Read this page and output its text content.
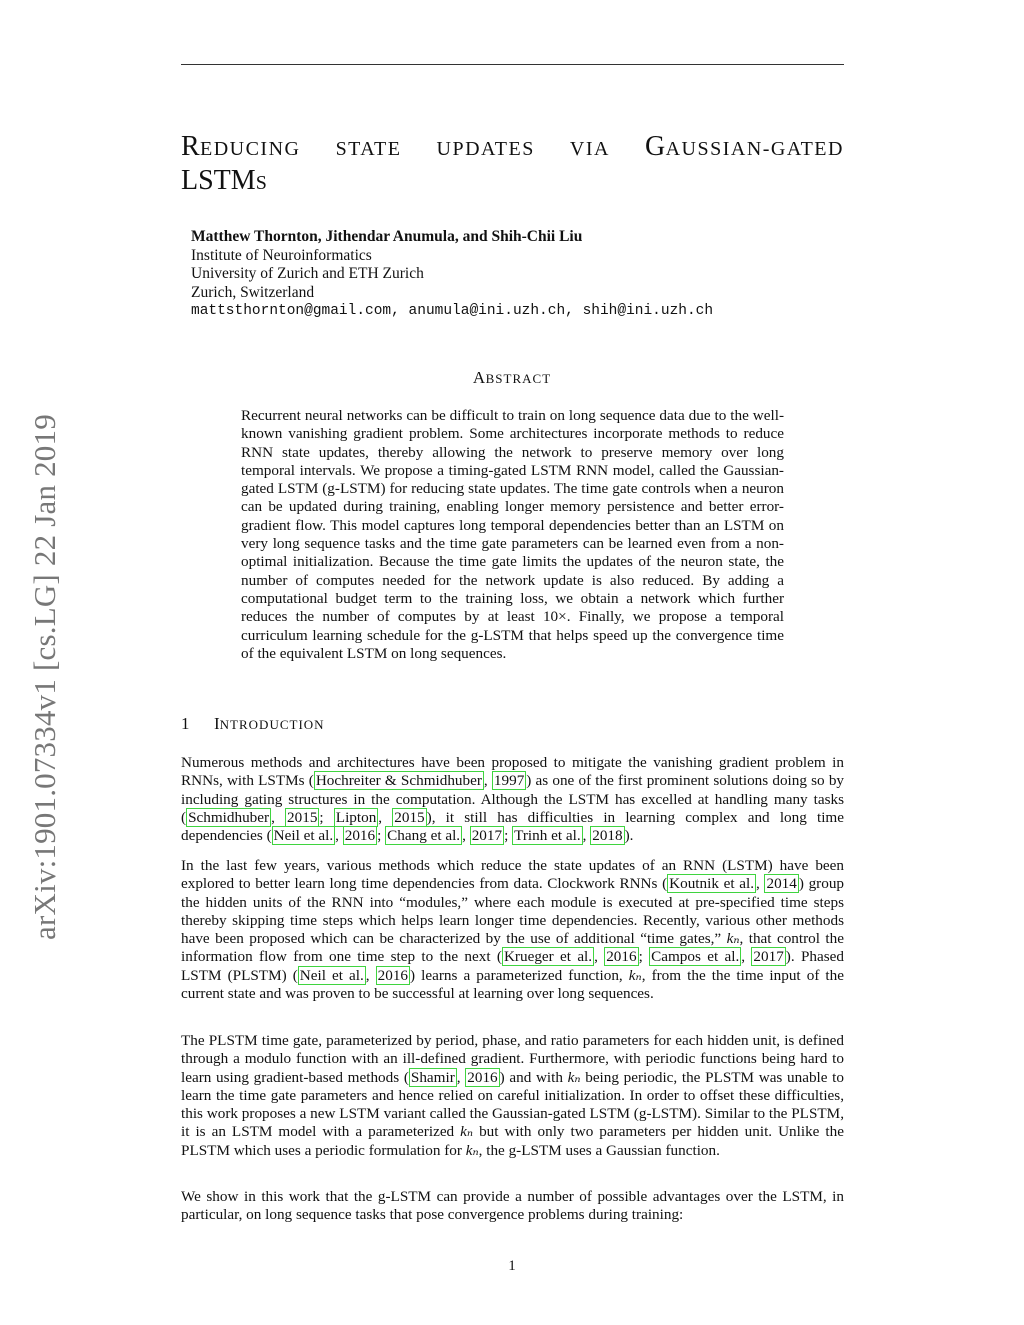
arXiv:1901.07334v1 [cs.LG] 22 Jan 2019
REDUCING STATE UPDATES VIA GAUSSIAN-GATED
LSTMS
Matthew Thornton, Jithendar Anumula, and Shih-Chii Liu
Institute of Neuroinformatics
University of Zurich and ETH Zurich
Zurich, Switzerland
mattsthornton@gmail.com, anumula@ini.uzh.ch, shih@ini.uzh.ch
ABSTRACT
Recurrent neural networks can be difficult to train on long sequence data due to the well-known vanishing gradient problem. Some architectures incorporate methods to reduce RNN state updates, thereby allowing the network to preserve memory over long temporal intervals. We propose a timing-gated LSTM RNN model, called the Gaussian-gated LSTM (g-LSTM) for reducing state updates. The time gate controls when a neuron can be updated during training, enabling longer memory persistence and better error-gradient flow. This model captures long temporal dependencies better than an LSTM on very long sequence tasks and the time gate parameters can be learned even from a non-optimal initialization. Because the time gate limits the updates of the neuron state, the number of computes needed for the network update is also reduced. By adding a computational budget term to the training loss, we obtain a network which further reduces the number of computes by at least 10×. Finally, we propose a temporal curriculum learning schedule for the g-LSTM that helps speed up the convergence time of the equivalent LSTM on long sequences.
1 INTRODUCTION

Numerous methods and architectures have been proposed to mitigate the vanishing gradient problem in RNNs, with LSTMs ( Hochreiter & Schmidhuber , 1997 ) as one of the first prominent solutions doing so by including gating structures in the computation. Although the LSTM has excelled at handling many tasks ( Schmidhuber , 2015 ; Lipton , 2015 ), it still has difficulties in learning complex and long time dependencies ( Neil et al. , 2016 ; Chang et al. , 2017 ; Trinh et al. , 2018 ).

In the last few years, various methods which reduce the state updates of an RNN (LSTM) have been explored to better learn long time dependencies from data. Clockwork RNNs ( Koutnik et al. , 2014 ) group the hidden units of the RNN into “modules,” where each module is executed at pre-specified time steps thereby skipping time steps which helps learn longer time dependencies. Recently, various other methods have been proposed which can be characterized by the use of additional “time gates,” kₙ, that control the information flow from one time step to the next ( Krueger et al. , 2016 ; Campos et al. , 2017 ). Phased LSTM (PLSTM) ( Neil et al. , 2016 ) learns a parameterized function, kₙ, from the the time input of the current state and was proven to be successful at learning over long sequences.

The PLSTM time gate, parameterized by period, phase, and ratio parameters for each hidden unit, is defined through a modulo function with an ill-defined gradient. Furthermore, with periodic functions being hard to learn using gradient-based methods ( Shamir , 2016 ) and with kₙ being periodic, the PLSTM was unable to learn the time gate parameters and hence relied on careful initialization. In order to offset these difficulties, this work proposes a new LSTM variant called the Gaussian-gated LSTM (g-LSTM). Similar to the PLSTM, it is an LSTM model with a parameterized kₙ but with only two parameters per hidden unit. Unlike the PLSTM which uses a periodic formulation for kₙ, the g-LSTM uses a Gaussian function.

We show in this work that the g-LSTM can provide a number of possible advantages over the LSTM, in particular, on long sequence tasks that pose convergence problems during training:

1
